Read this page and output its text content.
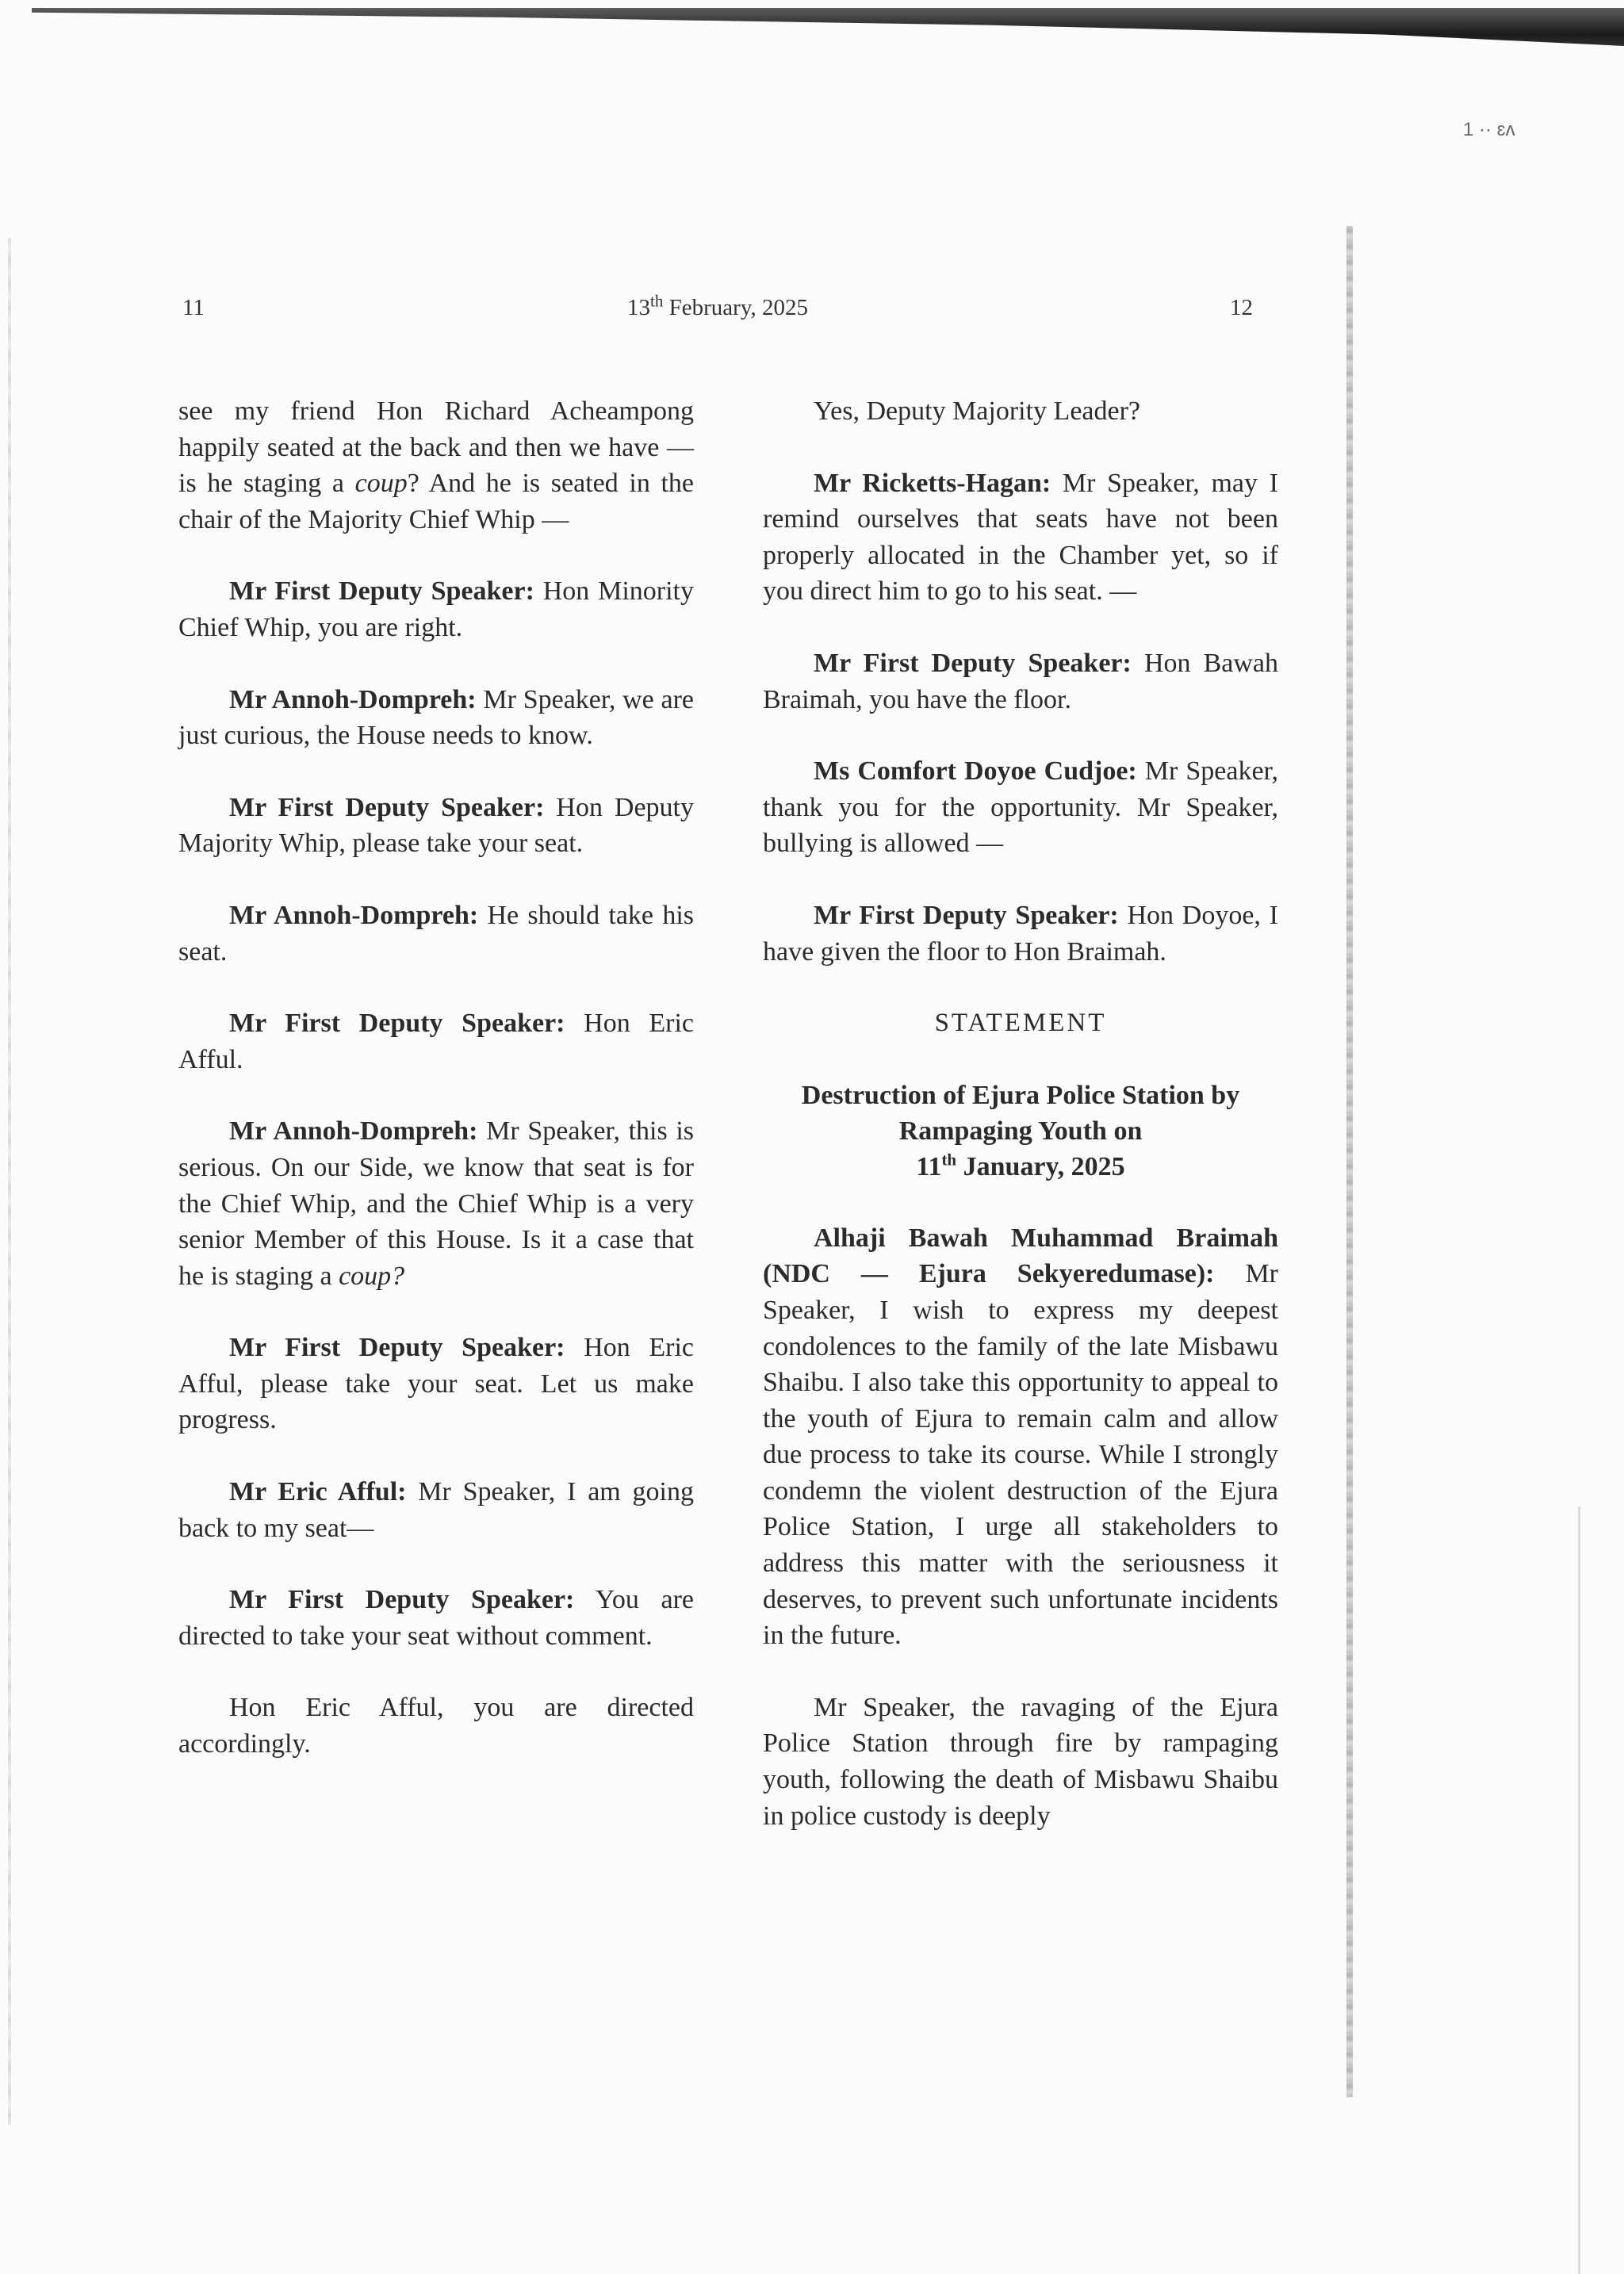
1 ·· ɛʌ
11	13th February, 2025	12

see my friend Hon Richard Acheampong happily seated at the back and then we have — is he staging a coup? And he is seated in the chair of the Majority Chief Whip —

Mr First Deputy Speaker: Hon Minority Chief Whip, you are right.

Mr Annoh-Dompreh: Mr Speaker, we are just curious, the House needs to know.

Mr First Deputy Speaker: Hon Deputy Majority Whip, please take your seat.

Mr Annoh-Dompreh: He should take his seat.

Mr First Deputy Speaker: Hon Eric Afful.

Mr Annoh-Dompreh: Mr Speaker, this is serious. On our Side, we know that seat is for the Chief Whip, and the Chief Whip is a very senior Member of this House. Is it a case that he is staging a coup?

Mr First Deputy Speaker: Hon Eric Afful, please take your seat. Let us make progress.

Mr Eric Afful: Mr Speaker, I am going back to my seat—

Mr First Deputy Speaker: You are directed to take your seat without comment.

Hon Eric Afful, you are directed accordingly.

Yes, Deputy Majority Leader?

Mr Ricketts-Hagan: Mr Speaker, may I remind ourselves that seats have not been properly allocated in the Chamber yet, so if you direct him to go to his seat. —

Mr First Deputy Speaker: Hon Bawah Braimah, you have the floor.

Ms Comfort Doyoe Cudjoe: Mr Speaker, thank you for the opportunity. Mr Speaker, bullying is allowed —

Mr First Deputy Speaker: Hon Doyoe, I have given the floor to Hon Braimah.

STATEMENT

Destruction of Ejura Police Station by
Rampaging Youth on
11th January, 2025

Alhaji Bawah Muhammad Braimah (NDC — Ejura Sekyeredumase): Mr Speaker, I wish to express my deepest condolences to the family of the late Misbawu Shaibu. I also take this opportunity to appeal to the youth of Ejura to remain calm and allow due process to take its course. While I strongly condemn the violent destruction of the Ejura Police Station, I urge all stakeholders to address this matter with the seriousness it deserves, to prevent such unfortunate incidents in the future.

Mr Speaker, the ravaging of the Ejura Police Station through fire by rampaging youth, following the death of Misbawu Shaibu in police custody is deeply
